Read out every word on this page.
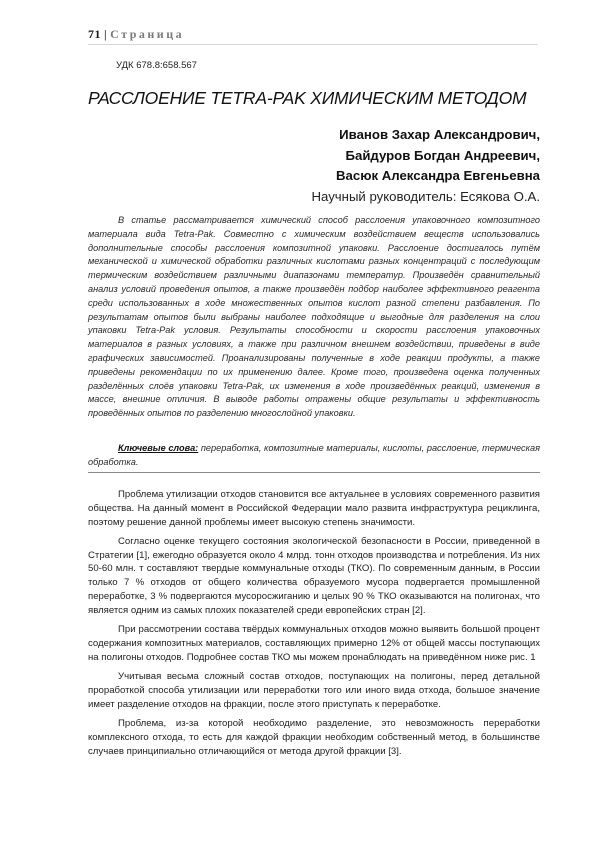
71 | Страница
УДК 678.8:658.567
РАССЛОЕНИЕ TETRA-PAK ХИМИЧЕСКИМ МЕТОДОМ
Иванов Захар Александрович,
Байдуров Богдан Андреевич,
Васюк Александра Евгеньевна
Научный руководитель: Есякова О.А.

В статье рассматривается химический способ расслоения упаковочного композитного материала вида Tetra-Pak. Совместно с химическим воздействием веществ использовались дополнительные способы расслоения композитной упаковки. Расслоение достигалось путём механической и химической обработки различных кислотами разных концентраций с последующим термическим воздействием различными диапазонами температур. Произведён сравнительный анализ условий проведения опытов, а также произведён подбор наиболее эффективного реагента среди использованных в ходе множественных опытов кислот разной степени разбавления. По результатам опытов были выбраны наиболее подходящие и выгодные для разделения на слои упаковки Tetra-Pak условия. Результаты способности и скорости расслоения упаковочных материалов в разных условиях, а также при различном внешнем воздействии, приведены в виде графических зависимостей. Проанализированы полученные в ходе реакции продукты, а также приведены рекомендации по их применению далее. Кроме того, произведена оценка полученных разделённых слоёв упаковки Tetra-Pak, их изменения в ходе произведённых реакций, изменения в массе, внешние отличия. В выводе работы отражены общие результаты и эффективность проведённых опытов по разделению многослойной упаковки.

Ключевые слова: переработка, композитные материалы, кислоты, расслоение, термическая обработка.

Проблема утилизации отходов становится все актуальнее в условиях современного развития общества. На данный момент в Российской Федерации мало развита инфраструктура рециклинга, поэтому решение данной проблемы имеет высокую степень значимости.

Согласно оценке текущего состояния экологической безопасности в России, приведенной в Стратегии [1], ежегодно образуется около 4 млрд. тонн отходов производства и потребления. Из них 50-60 млн. т составляют твердые коммунальные отходы (ТКО). По современным данным, в России только 7 % отходов от общего количества образуемого мусора подвергается промышленной переработке, 3 % подвергаются мусоросжиганию и целых 90 % ТКО оказываются на полигонах, что является одним из самых плохих показателей среди европейских стран [2].

При рассмотрении состава твёрдых коммунальных отходов можно выявить большой процент содержания композитных материалов, составляющих примерно 12% от общей массы поступающих на полигоны отходов. Подробнее состав ТКО мы можем пронаблюдать на приведённом ниже рис. 1

Учитывая весьма сложный состав отходов, поступающих на полигоны, перед детальной проработкой способа утилизации или переработки того или иного вида отхода, большое значение имеет разделение отходов на фракции, после этого приступать к переработке.

Проблема, из-за которой необходимо разделение, это невозможность переработки комплексного отхода, то есть для каждой фракции необходим собственный метод, в большинстве случаев принципиально отличающийся от метода другой фракции [3].
